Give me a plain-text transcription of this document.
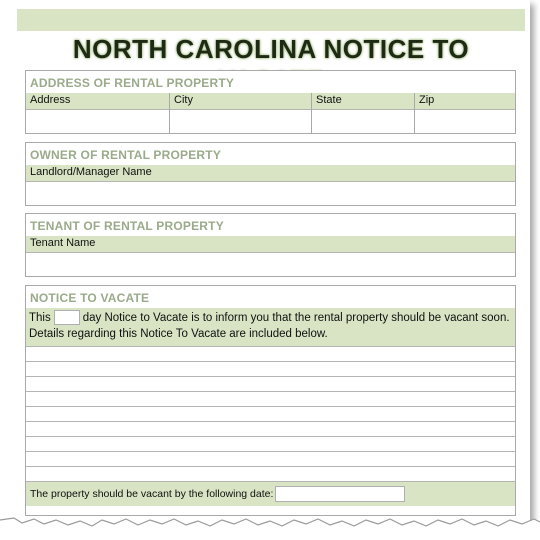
NORTH CAROLINA NOTICE TO
ADDRESS OF RENTAL PROPERTY
Address	City	State	Zip
OWNER OF RENTAL PROPERTY
Landlord/Manager Name
TENANT OF RENTAL PROPERTY
Tenant Name
NOTICE TO VACATE
This	day Notice to Vacate is to inform you that the rental property should be vacant soon.
Details regarding this Notice To Vacate are included below.
The property should be vacant by the following date:
